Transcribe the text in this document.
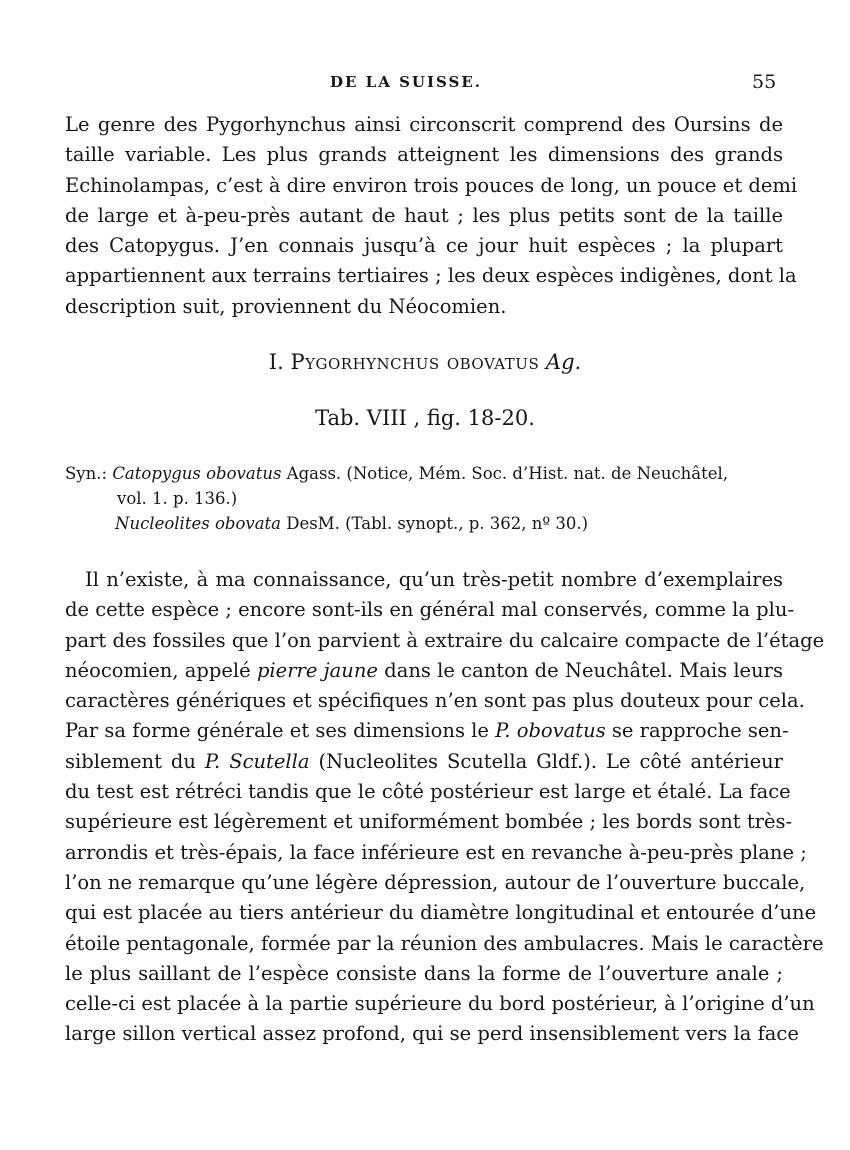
DE LA SUISSE.	55
Le genre des Pygorhynchus ainsi circonscrit comprend des Oursins de
taille variable. Les plus grands atteignent les dimensions des grands
Echinolampas, c’est à dire environ trois pouces de long, un pouce et demi
de large et à-peu-près autant de haut ; les plus petits sont de la taille
des Catopygus. J’en connais jusqu’à ce jour huit espèces ; la plupart
appartiennent aux terrains tertiaires ; les deux espèces indigènes, dont la
description suit, proviennent du Néocomien.
I. Pygorhynchus obovatus Ag.
Tab. VIII , fig. 18-20.
Syn.: Catopygus obovatus Agass. (Notice, Mém. Soc. d’Hist. nat. de Neuchâtel,
vol. 1. p. 136.)
Nucleolites obovata DesM. (Tabl. synopt., p. 362, nº 30.)
Il n’existe, à ma connaissance, qu’un très-petit nombre d’exemplaires
de cette espèce ; encore sont-ils en général mal conservés, comme la plu-
part des fossiles que l’on parvient à extraire du calcaire compacte de l’étage
néocomien, appelé pierre jaune dans le canton de Neuchâtel. Mais leurs
caractères génériques et spécifiques n’en sont pas plus douteux pour cela.
Par sa forme générale et ses dimensions le P. obovatus se rapproche sen-
siblement du P. Scutella (Nucleolites Scutella Gldf.). Le côté antérieur
du test est rétréci tandis que le côté postérieur est large et étalé. La face
supérieure est légèrement et uniformément bombée ; les bords sont très-
arrondis et très-épais, la face inférieure est en revanche à-peu-près plane ;
l’on ne remarque qu’une légère dépression, autour de l’ouverture buccale,
qui est placée au tiers antérieur du diamètre longitudinal et entourée d’une
étoile pentagonale, formée par la réunion des ambulacres. Mais le caractère
le plus saillant de l’espèce consiste dans la forme de l’ouverture anale ;
celle-ci est placée à la partie supérieure du bord postérieur, à l’origine d’un
large sillon vertical assez profond, qui se perd insensiblement vers la face
